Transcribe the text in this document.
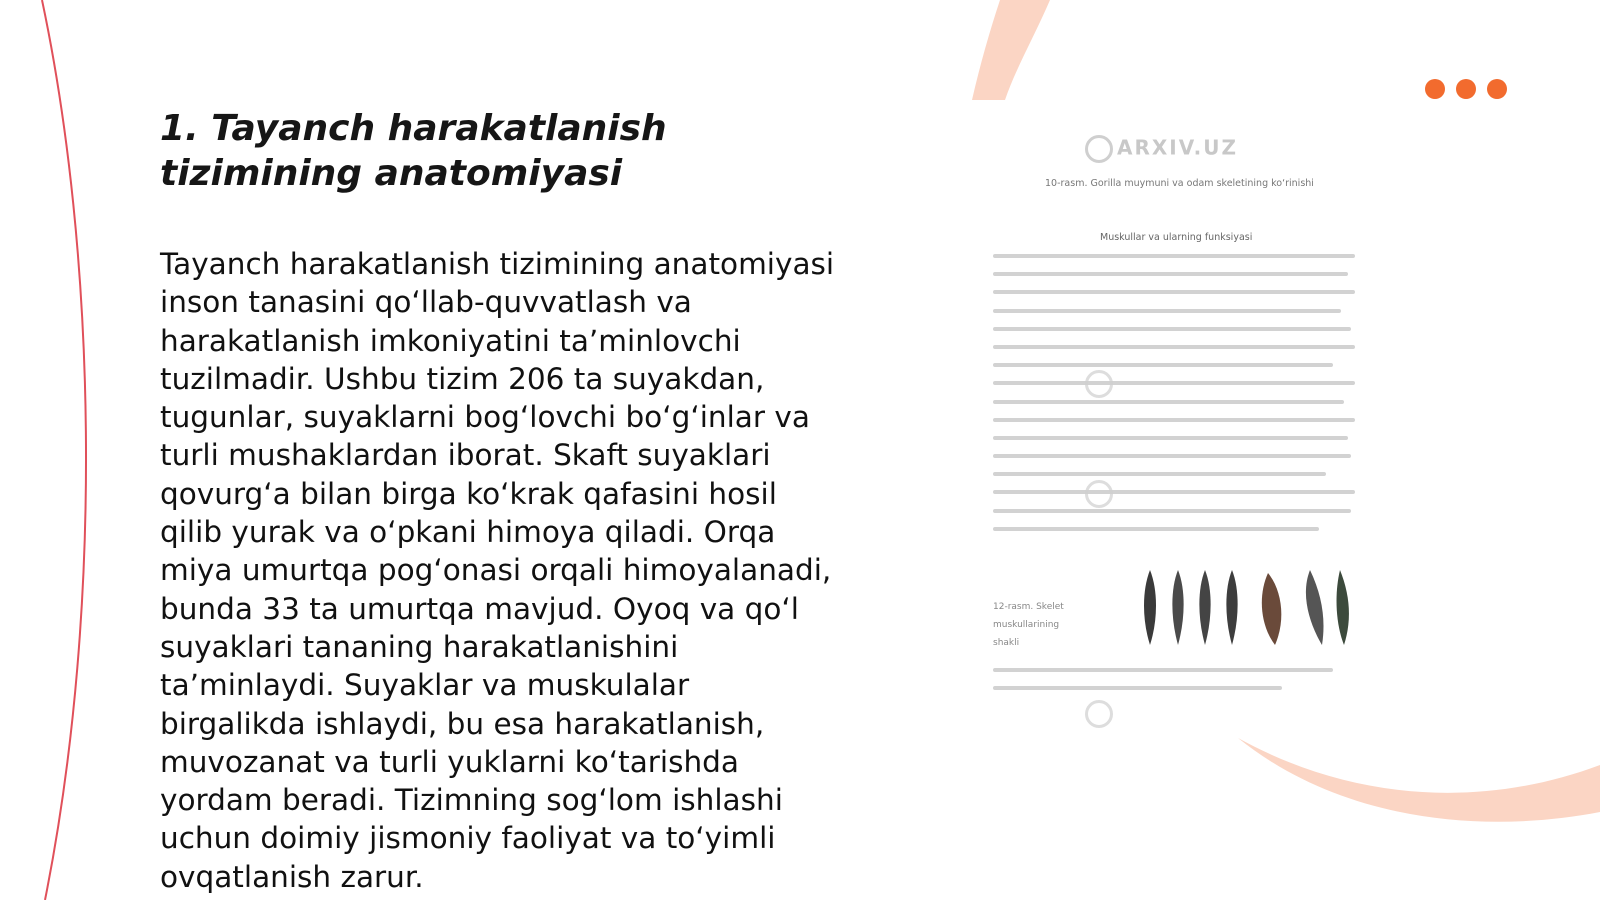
1. Tayanch harakatlanish tizimining anatomiyasi

Tayanch harakatlanish tizimining anatomiyasi inson tanasini qo‘llab-quvvatlash va harakatlanish imkoniyatini ta’minlovchi tuzilmadir. Ushbu tizim 206 ta suyakdan, tugunlar, suyaklarni bog‘lovchi bo‘g‘inlar va turli mushaklardan iborat. Skaft suyaklari qovurg‘a bilan birga ko‘krak qafasini hosil qilib yurak va o‘pkani himoya qiladi. Orqa miya umurtqa pog‘onasi orqali himoyalanadi, bunda 33 ta umurtqa mavjud. Oyoq va qo‘l suyaklari tananing harakatlanishini ta’minlaydi. Suyaklar va muskulalar birgalikda ishlaydi, bu esa harakatlanish, muvozanat va turli yuklarni ko‘tarishda yordam beradi. Tizimning sog‘lom ishlashi uchun doimiy jismoniy faoliyat va to‘yimli ovqatlanish zarur.

ARXIV.UZ
10-rasm. Gorilla muymuni va odam skeletining ko‘rinishi
Muskullar va ularning funksiyasi
12-rasm. Skelet muskullarining shakli
